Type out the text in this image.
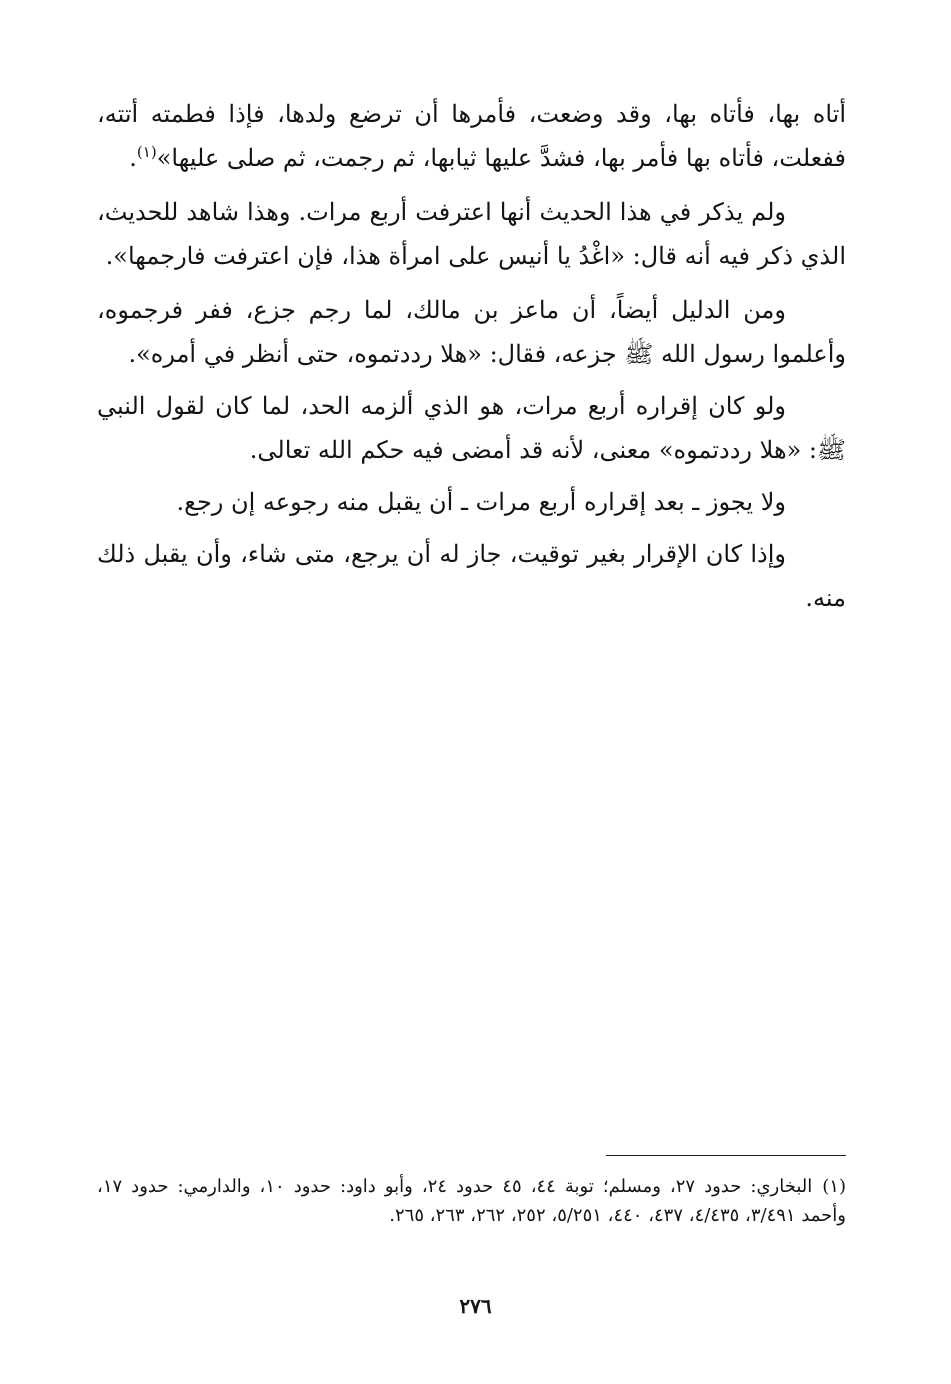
أتاه بها، فأتاه بها، وقد وضعت، فأمرها أن ترضع ولدها، فإذا فطمته أتته، ففعلت، فأتاه بها فأمر بها، فشدَّ عليها ثيابها، ثم رجمت، ثم صلى عليها»$^{(١)}$.

ولم يذكر في هذا الحديث أنها اعترفت أربع مرات. وهذا شاهد للحديث، الذي ذكر فيه أنه قال: «اغْدُ يا أنيس على امرأة هذا، فإن اعترفت فارجمها».

ومن الدليل أيضاً، أن ماعز بن مالك، لما رجم جزع، ففر فرجموه، وأعلموا رسول الله ﷺ جزعه، فقال: «هلا رددتموه، حتى أنظر في أمره».

ولو كان إقراره أربع مرات، هو الذي ألزمه الحد، لما كان لقول النبي ﷺ: «هلا رددتموه» معنى، لأنه قد أمضى فيه حكم الله تعالى.

ولا يجوز ـ بعد إقراره أربع مرات ـ أن يقبل منه رجوعه إن رجع.

وإذا كان الإقرار بغير توقيت، جاز له أن يرجع، متى شاء، وأن يقبل ذلك منه.

(١)البخاري: حدود ٢٧، ومسلم؛ توبة ٤٤، ٤٥ حدود ٢٤، وأبو داود: حدود ١٠، والدارمي: حدود ١٧، وأحمد ٣/٤٩١، ٤/٤٣٥، ٤٣٧، ٤٤٠، ٥/٢٥١، ٢٥٢، ٢٦٢، ٢٦٣، ٢٦٥.

٢٧٦
